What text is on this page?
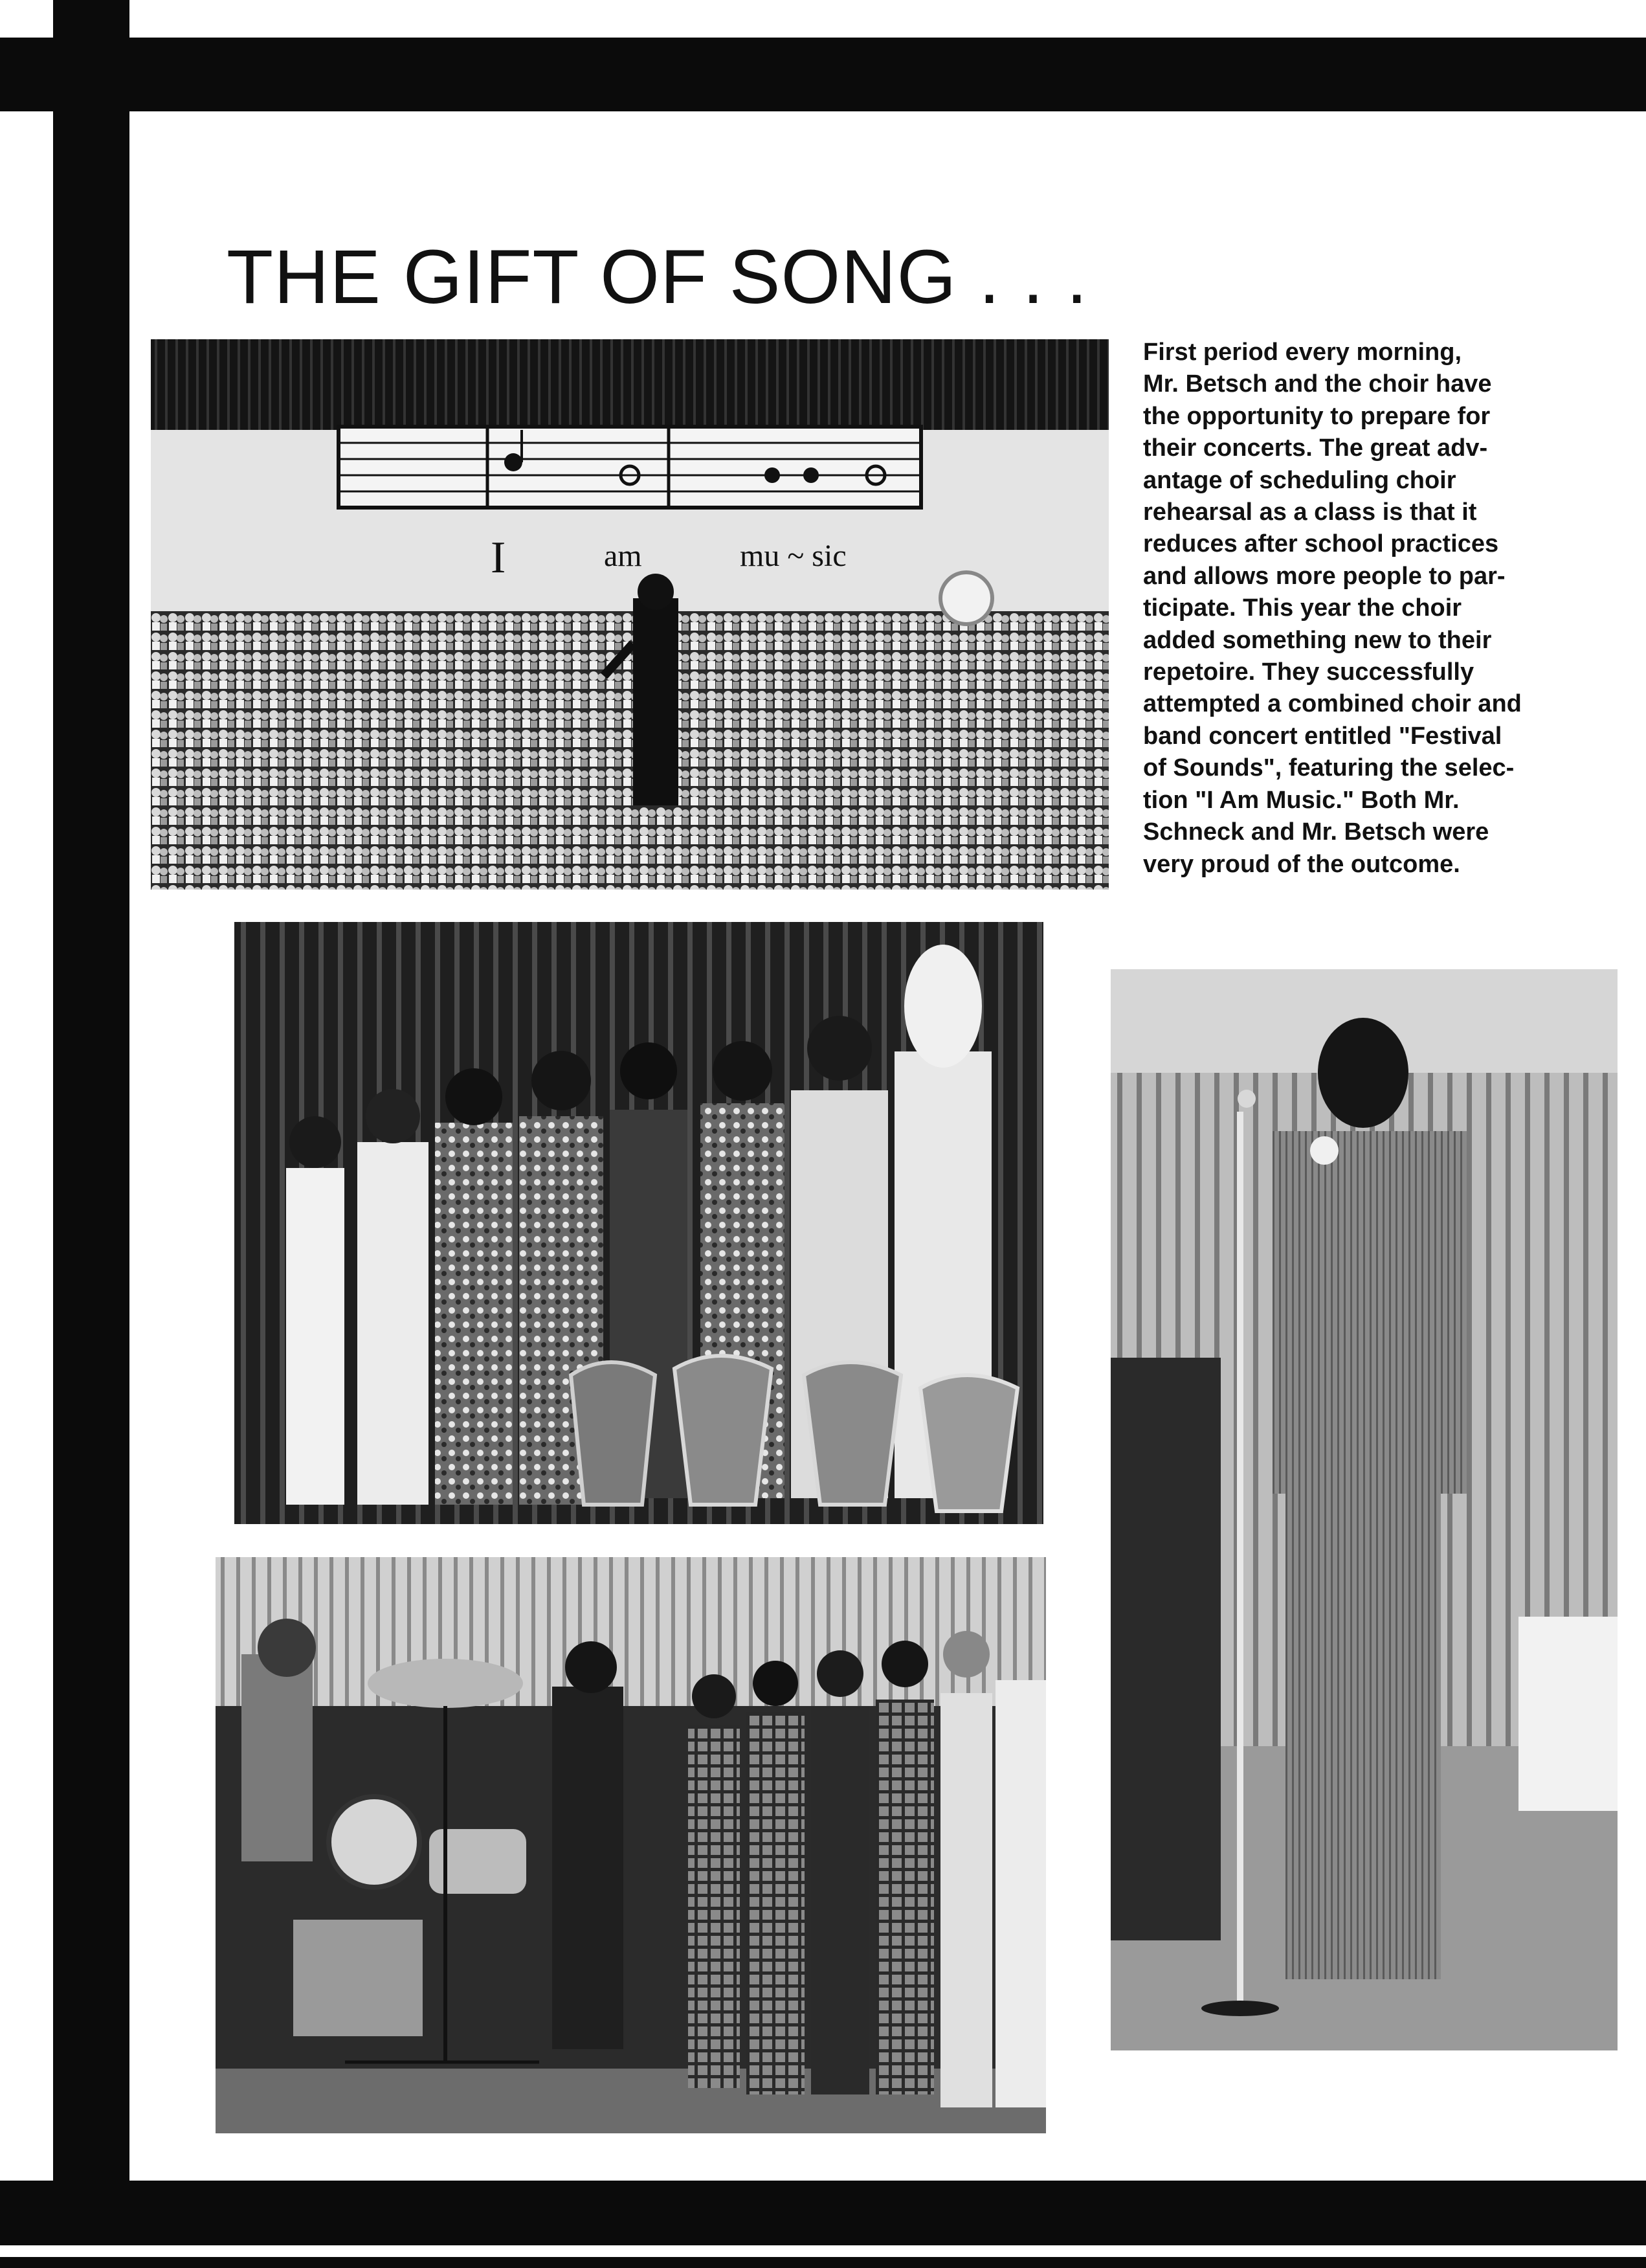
THE GIFT OF SONG . . .

First period every morning,
Mr. Betsch and the choir have
the opportunity to prepare for
their concerts. The great adv-
antage of scheduling choir
rehearsal as a class is that it
reduces after school practices
and allows more people to par-
ticipate. This year the choir
added something new to their
repetoire. They successfully
attempted a combined choir and
band concert entitled "Festival
of Sounds", featuring the selec-
tion "I Am Music." Both Mr.
Schneck and Mr. Betsch were
very proud of the outcome.

I	am	mu ~ sic
